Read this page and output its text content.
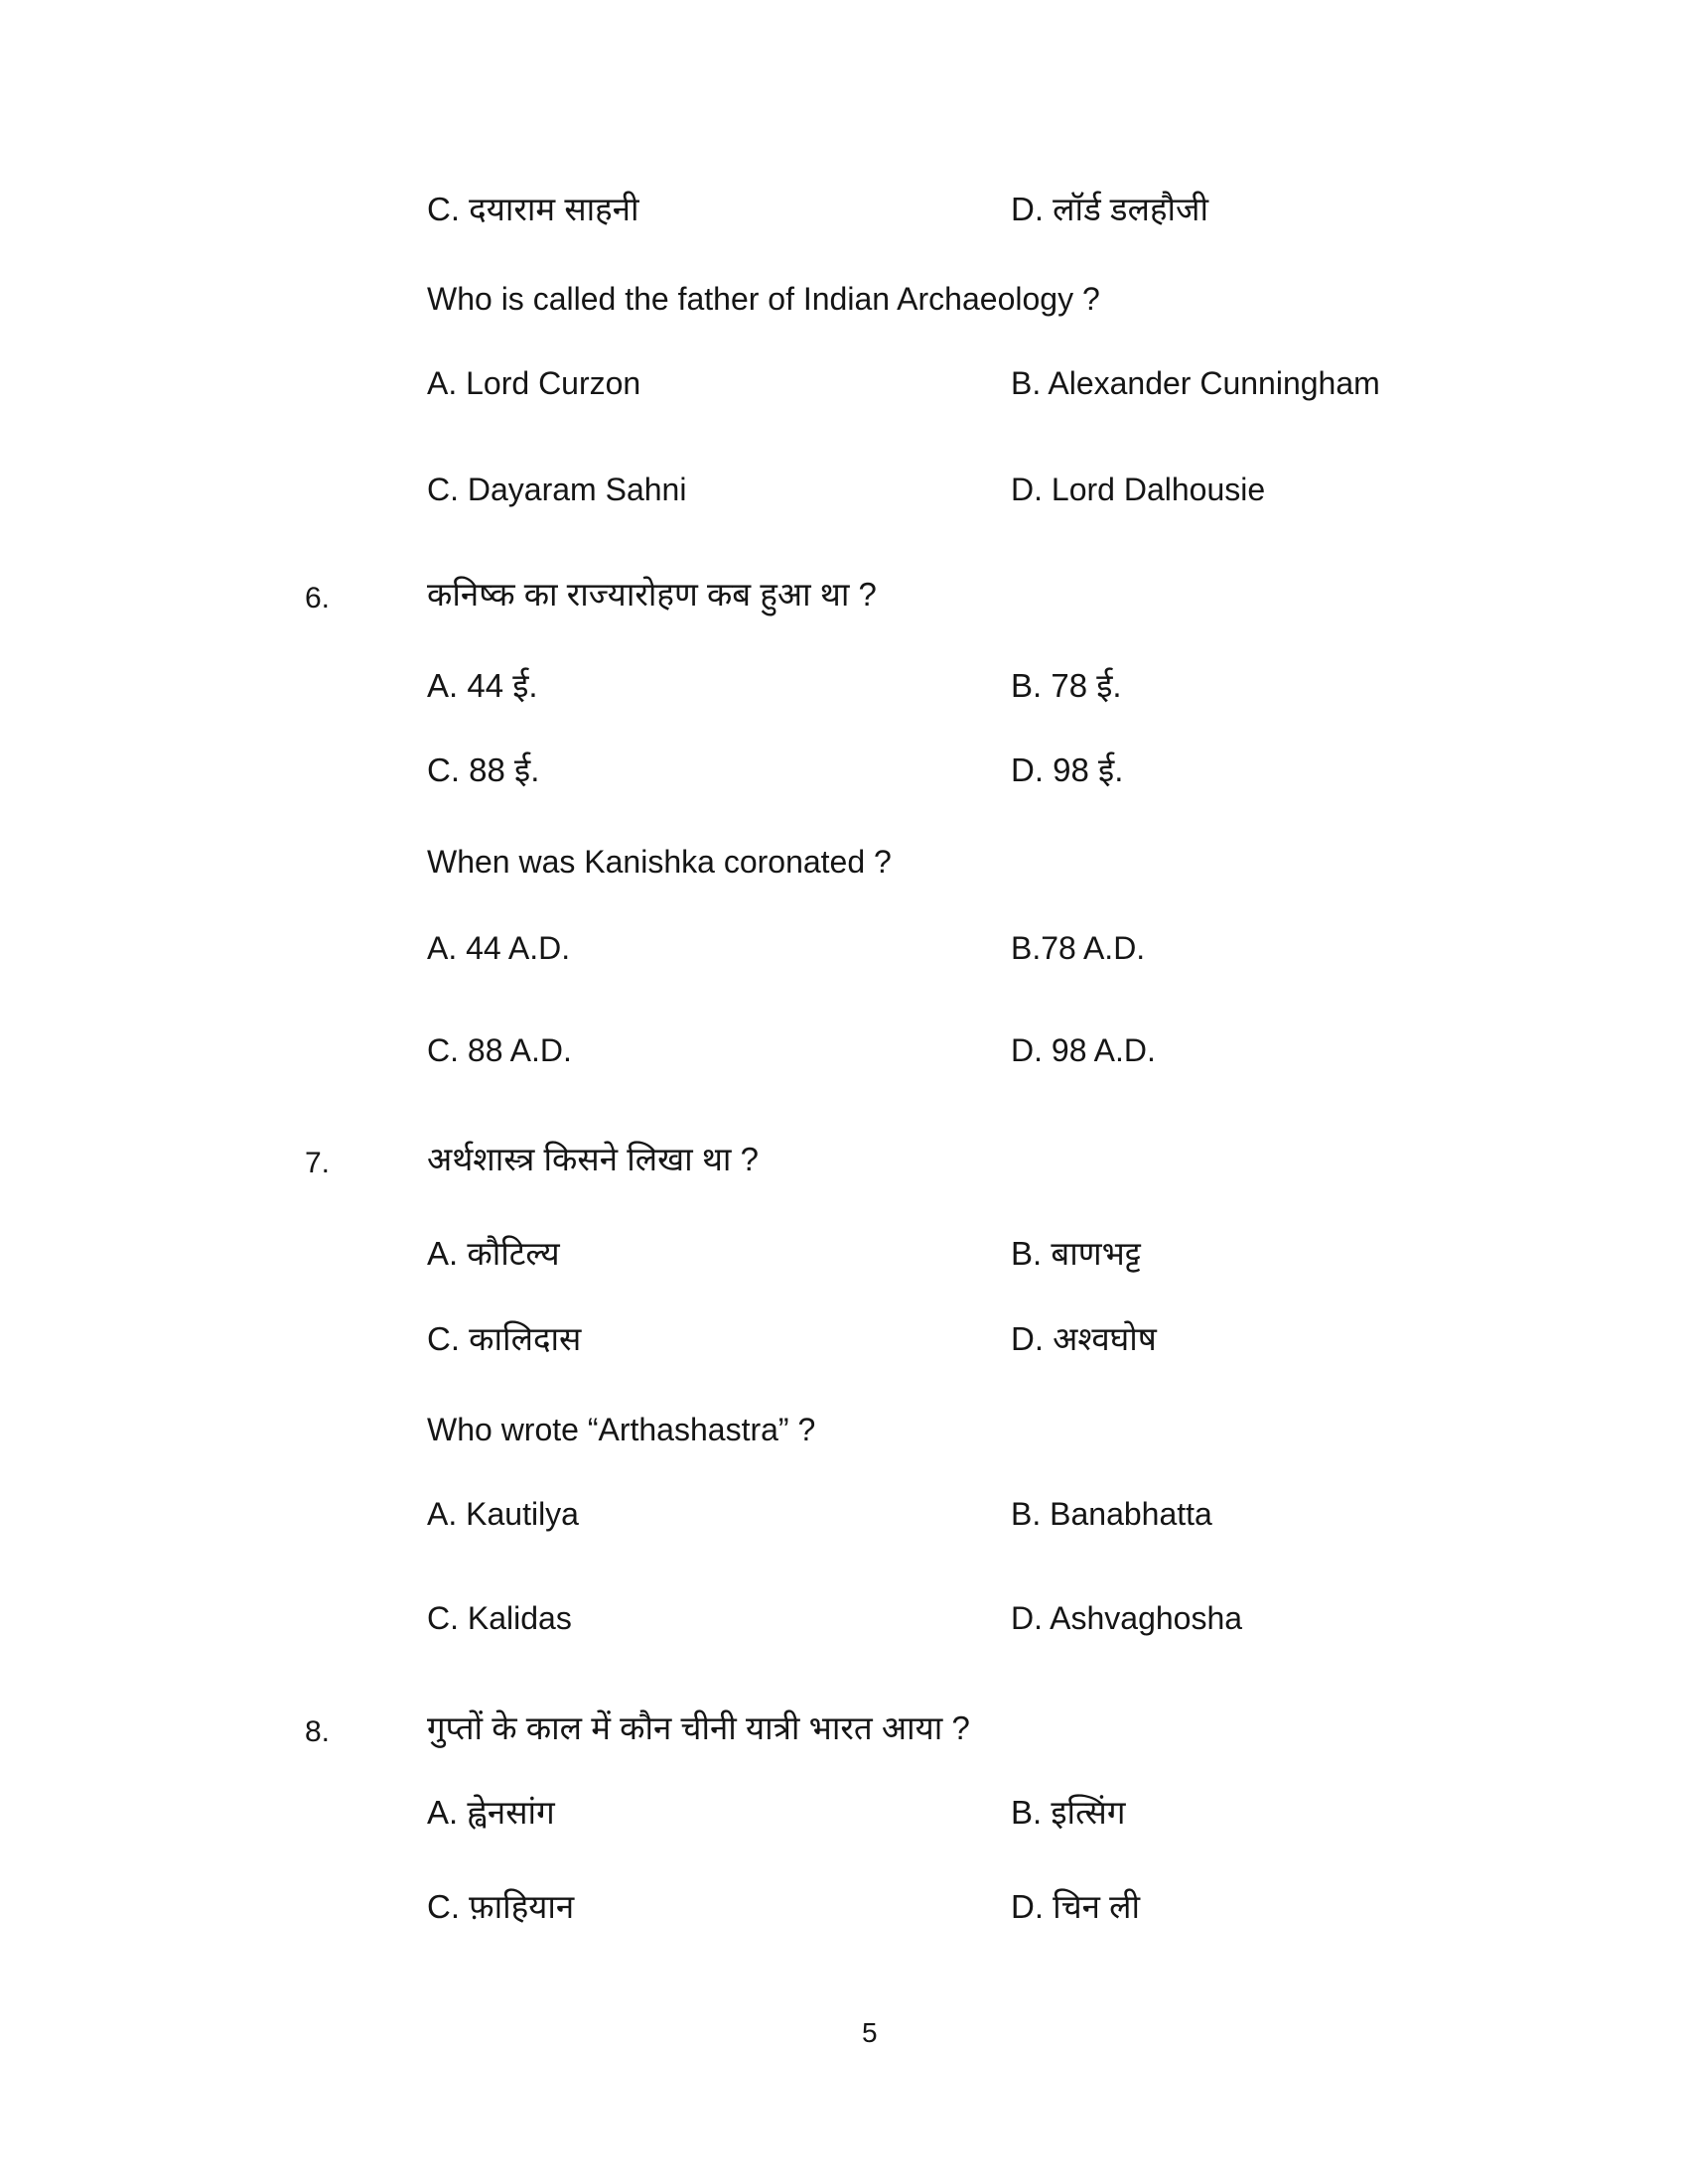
C. दयाराम साहनी	D. लॉर्ड डलहौजी
Who is called the father of Indian Archaeology ?
A. Lord Curzon	B. Alexander Cunningham
C. Dayaram Sahni	D. Lord Dalhousie
6.	कनिष्क का राज्यारोहण कब हुआ था ?
A. 44 ई.	B. 78 ई.
C. 88 ई.	D. 98 ई.
When was Kanishka coronated ?
A. 44 A.D.	B.78 A.D.
C. 88 A.D.	D. 98 A.D.
7.	अर्थशास्त्र किसने लिखा था ?
A. कौटिल्य	B. बाणभट्ट
C. कालिदास	D. अश्वघोष
Who wrote “Arthashastra” ?
A. Kautilya	B. Banabhatta
C. Kalidas	D. Ashvaghosha
8.	गुप्तों के काल में कौन चीनी यात्री भारत आया ?
A. ह्वेनसांग	B. इत्सिंग
C. फ़ाहियान	D. चिन ली
5
